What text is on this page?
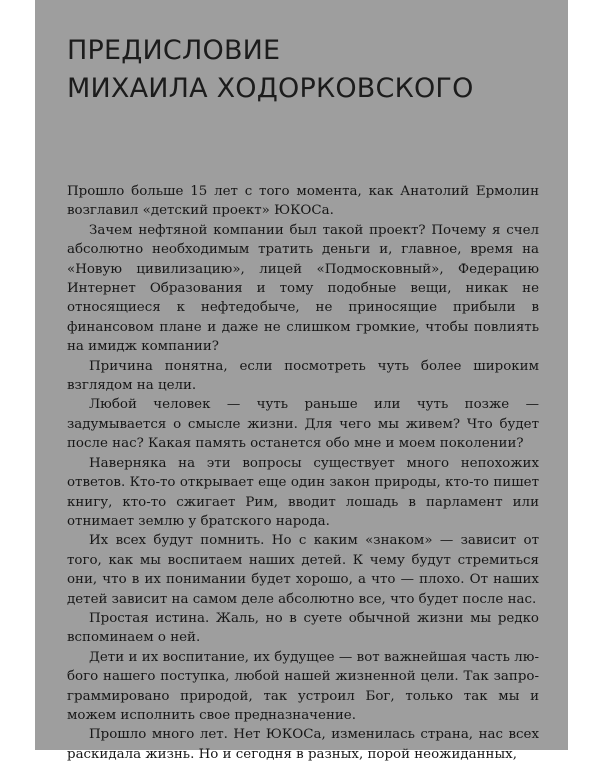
ПРЕДИСЛОВИЕ
МИХАИЛА ХОДОРКОВСКОГО

Прошло больше 15 лет с того момента, как Анатолий Ермолин возглавил «детский проект» ЮКОСа.

Зачем нефтяной компании был такой проект? Почему я счел абсолютно необходимым тратить деньги и, главное, время на «Новую цивилизацию», лицей «Подмосковный», Федерацию Интернет Образования и тому подобные вещи, никак не относящиеся к нефтедобыче, не приносящие прибыли в финансовом плане и даже не слишком громкие, чтобы повлиять на имидж компании?

Причина понятна, если посмотреть чуть более широким взглядом на цели.

Любой человек — чуть раньше или чуть позже — задумывается о смысле жизни. Для чего мы живем? Что будет после нас? Какая память останется обо мне и моем поколении?

Наверняка на эти вопросы существует много непохожих ответов. Кто-то открывает еще один закон природы, кто-то пишет книгу, кто-то сжигает Рим, вводит лошадь в парламент или отнимает землю у братского народа.

Их всех будут помнить. Но с каким «знаком» — зависит от того, как мы воспитаем наших детей. К чему будут стремиться они, что в их понимании будет хорошо, а что — плохо. От наших детей зависит на самом деле абсолютно все, что будет после нас.

Простая истина. Жаль, но в суете обычной жизни мы редко вспоминаем о ней.

Дети и их воспитание, их будущее — вот важнейшая часть любого нашего поступка, любой нашей жизненной цели. Так запрограммировано природой, так устроил Бог, только так мы и можем исполнить свое предназначение.

Прошло много лет. Нет ЮКОСа, изменилась страна, нас всех раскидала жизнь. Но и сегодня в разных, порой неожиданных,
